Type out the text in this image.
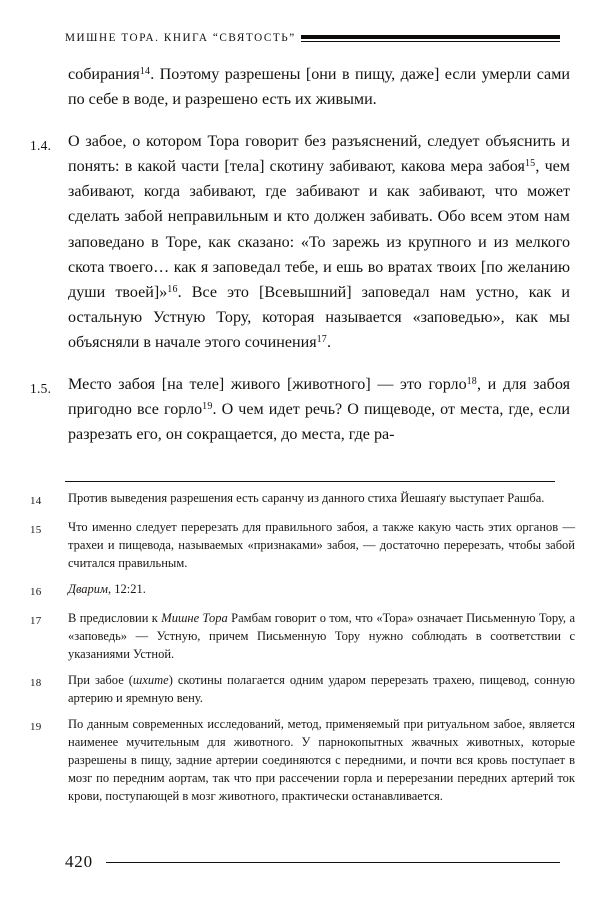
МИШНЕ ТОРА. КНИГА “СВЯТОСТЬ”
собирания$^{14}$. Поэтому разрешены [они в пищу, даже] если умерли сами по себе в воде, и разрешено есть их живыми.
1.4.	О забое, о котором Тора говорит без разъяснений, следует объяснить и понять: в какой части [тела] скотину забивают, какова мера забоя$^{15}$, чем забивают, когда забивают, где забивают и как забивают, что может сделать забой неправильным и кто должен забивать. Обо всем этом нам заповедано в Торе, как сказано: «То зарежь из крупного и из мелкого скота твоего… как я заповедал тебе, и ешь во вратах твоих [по желанию души твоей]»$^{16}$. Все это [Всевышний] заповедал нам устно, как и остальную Устную Тору, которая называется «заповедью», как мы объясняли в начале этого сочинения$^{17}$.
1.5.	Место забоя [на теле] живого [животного] — это горло$^{18}$, и для забоя пригодно все горло$^{19}$. О чем идет речь? О пищеводе, от места, где, если разрезать его, он сокращается, до места, где ра-
14	Против выведения разрешения есть саранчу из данного стиха Йешаяґу выступает Рашба.
15	Что именно следует перерезать для правильного забоя, а также какую часть этих органов — трахеи и пищевода, называемых «признаками» забоя, — достаточно перерезать, чтобы забой считался правильным.
16	Дварим, 12:21.
17	В предисловии к Мишне Тора Рамбам говорит о том, что «Тора» означает Письменную Тору, а «заповедь» — Устную, причем Письменную Тору нужно соблюдать в соответствии с указаниями Устной.
18	При забое (шхите) скотины полагается одним ударом перерезать трахею, пищевод, сонную артерию и яремную вену.
19	По данным современных исследований, метод, применяемый при ритуальном забое, является наименее мучительным для животного. У парнокопытных жвачных животных, которые разрешены в пищу, задние артерии соединяются с передними, и почти вся кровь поступает в мозг по передним аортам, так что при рассечении горла и перерезании передних артерий ток крови, поступающей в мозг животного, практически останавливается.
420
